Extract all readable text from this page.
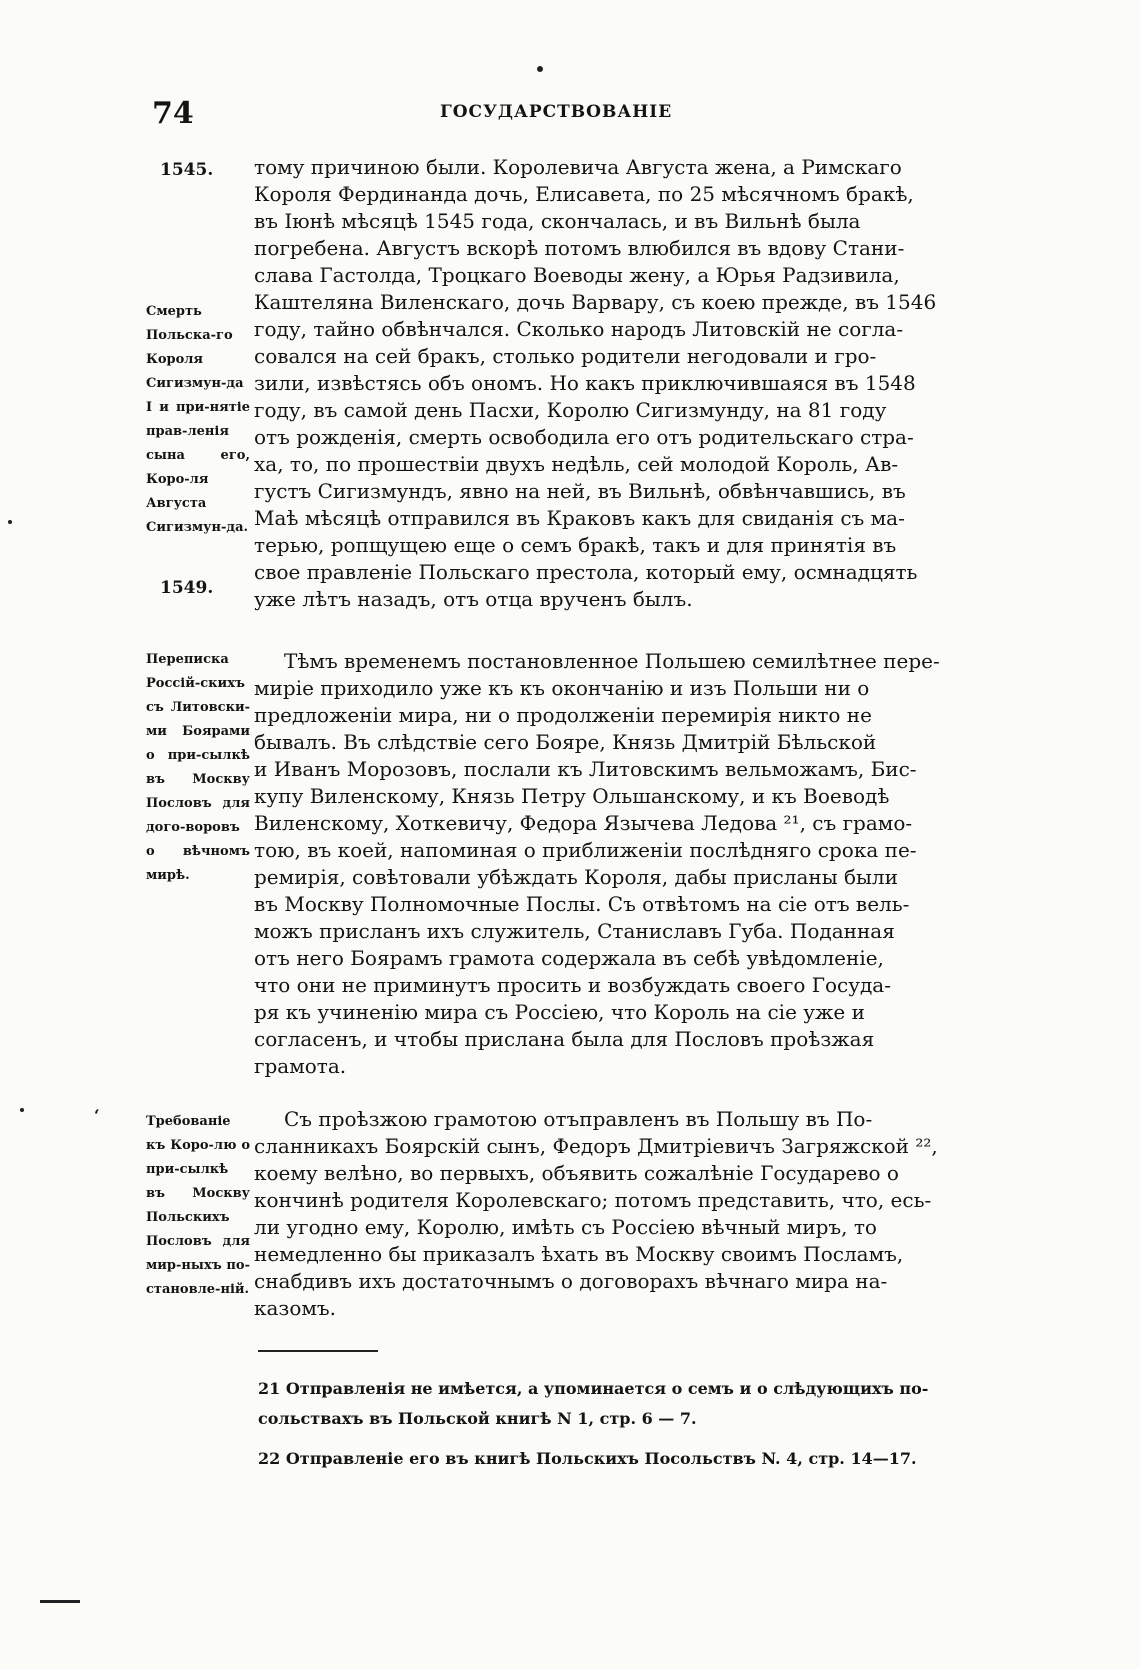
ʻ
74	ГОСУДАРСТВОВАНІЕ
1545.
Смерть Польска-го Короля Сигизмун-да I и при-нятіе прав-ленія сына его, Коро-ля Августа Сигизмун-да.
1549.
Переписка Россій-скихъ съ Литовски-ми Боярами о при-сылкѣ въ Москву Пословъ для дого-воровъ о вѣчномъ мирѣ.
Требованіе къ Коро-лю о при-сылкѣ въ Москву Польскихъ Пословъ для мир-ныхъ по-становле-ній.
тому причиною были. Королевича Августа жена, а Римскаго
Короля Фердинанда дочь, Елисавета, по 25 мѣсячномъ бракѣ,
въ Іюнѣ мѣсяцѣ 1545 года, скончалась, и въ Вильнѣ была
погребена. Августъ вскорѣ потомъ влюбился въ вдову Стани-
слава Гастолда, Троцкаго Воеводы жену, а Юрья Радзивила,
Каштеляна Виленскаго, дочь Варвару, съ коею прежде, въ 1546
году, тайно обвѣнчался. Сколько народъ Литовскій не согла-
совался на сей бракъ, столько родители негодовали и гро-
зили, извѣстясь объ ономъ. Но какъ приключившаяся въ 1548
году, въ самой день Пасхи, Королю Сигизмунду, на 81 году
отъ рожденія, смерть освободила его отъ родительскаго стра-
ха, то, по прошествіи двухъ недѣль, сей молодой Король, Ав-
густъ Сигизмундъ, явно на ней, въ Вильнѣ, обвѣнчавшись, въ
Маѣ мѣсяцѣ отправился въ Краковъ какъ для свиданія съ ма-
терью, ропщущею еще о семъ бракѣ, такъ и для принятія въ
свое правленіе Польскаго престола, который ему, осмнадцять
уже лѣтъ назадъ, отъ отца врученъ былъ.
Тѣмъ временемъ постановленное Польшею семилѣтнее пере-
миріе приходило уже къ къ окончанію и изъ Польши ни о
предложеніи мира, ни о продолженіи перемирія никто не
бывалъ. Въ слѣдствіе сего Бояре, Князь Дмитрій Бѣльской
и Иванъ Морозовъ, послали къ Литовскимъ вельможамъ, Бис-
купу Виленскому, Князь Петру Ольшанскому, и къ Воеводѣ
Виленскому, Хоткевичу, Федора Язычева Ледова ²¹, съ грамо-
тою, въ коей, напоминая о приближеніи послѣдняго срока пе-
ремирія, совѣтовали убѣждать Короля, дабы присланы были
въ Москву Полномочные Послы. Съ отвѣтомъ на сіе отъ вель-
можъ присланъ ихъ служитель, Станиславъ Губа. Поданная
отъ него Боярамъ грамота содержала въ себѣ увѣдомленіе,
что они не приминутъ просить и возбуждать своего Госуда-
ря къ учиненію мира съ Россіею, что Король на сіе уже и
согласенъ, и чтобы прислана была для Пословъ проѣзжая
грамота.
Съ проѣзжою грамотою отъправленъ въ Польшу въ По-
сланникахъ Боярскій сынъ, Федоръ Дмитріевичъ Загряжской ²²,
коему велѣно, во первыхъ, объявить сожалѣніе Государево о
кончинѣ родителя Королевскаго; потомъ представить, что, есь-
ли угодно ему, Королю, имѣть съ Россіею вѣчный миръ, то
немедленно бы приказалъ ѣхать въ Москву своимъ Посламъ,
снабдивъ ихъ достаточнымъ о договорахъ вѣчнаго мира на-
казомъ.
21 Отправленія не имѣется, а упоминается о семъ и о слѣдующихъ по-
сольствахъ въ Польской книгѣ N 1, стр. 6 — 7.
22 Отправленіе его въ книгѣ Польскихъ Посольствъ N. 4, стр. 14—17.
